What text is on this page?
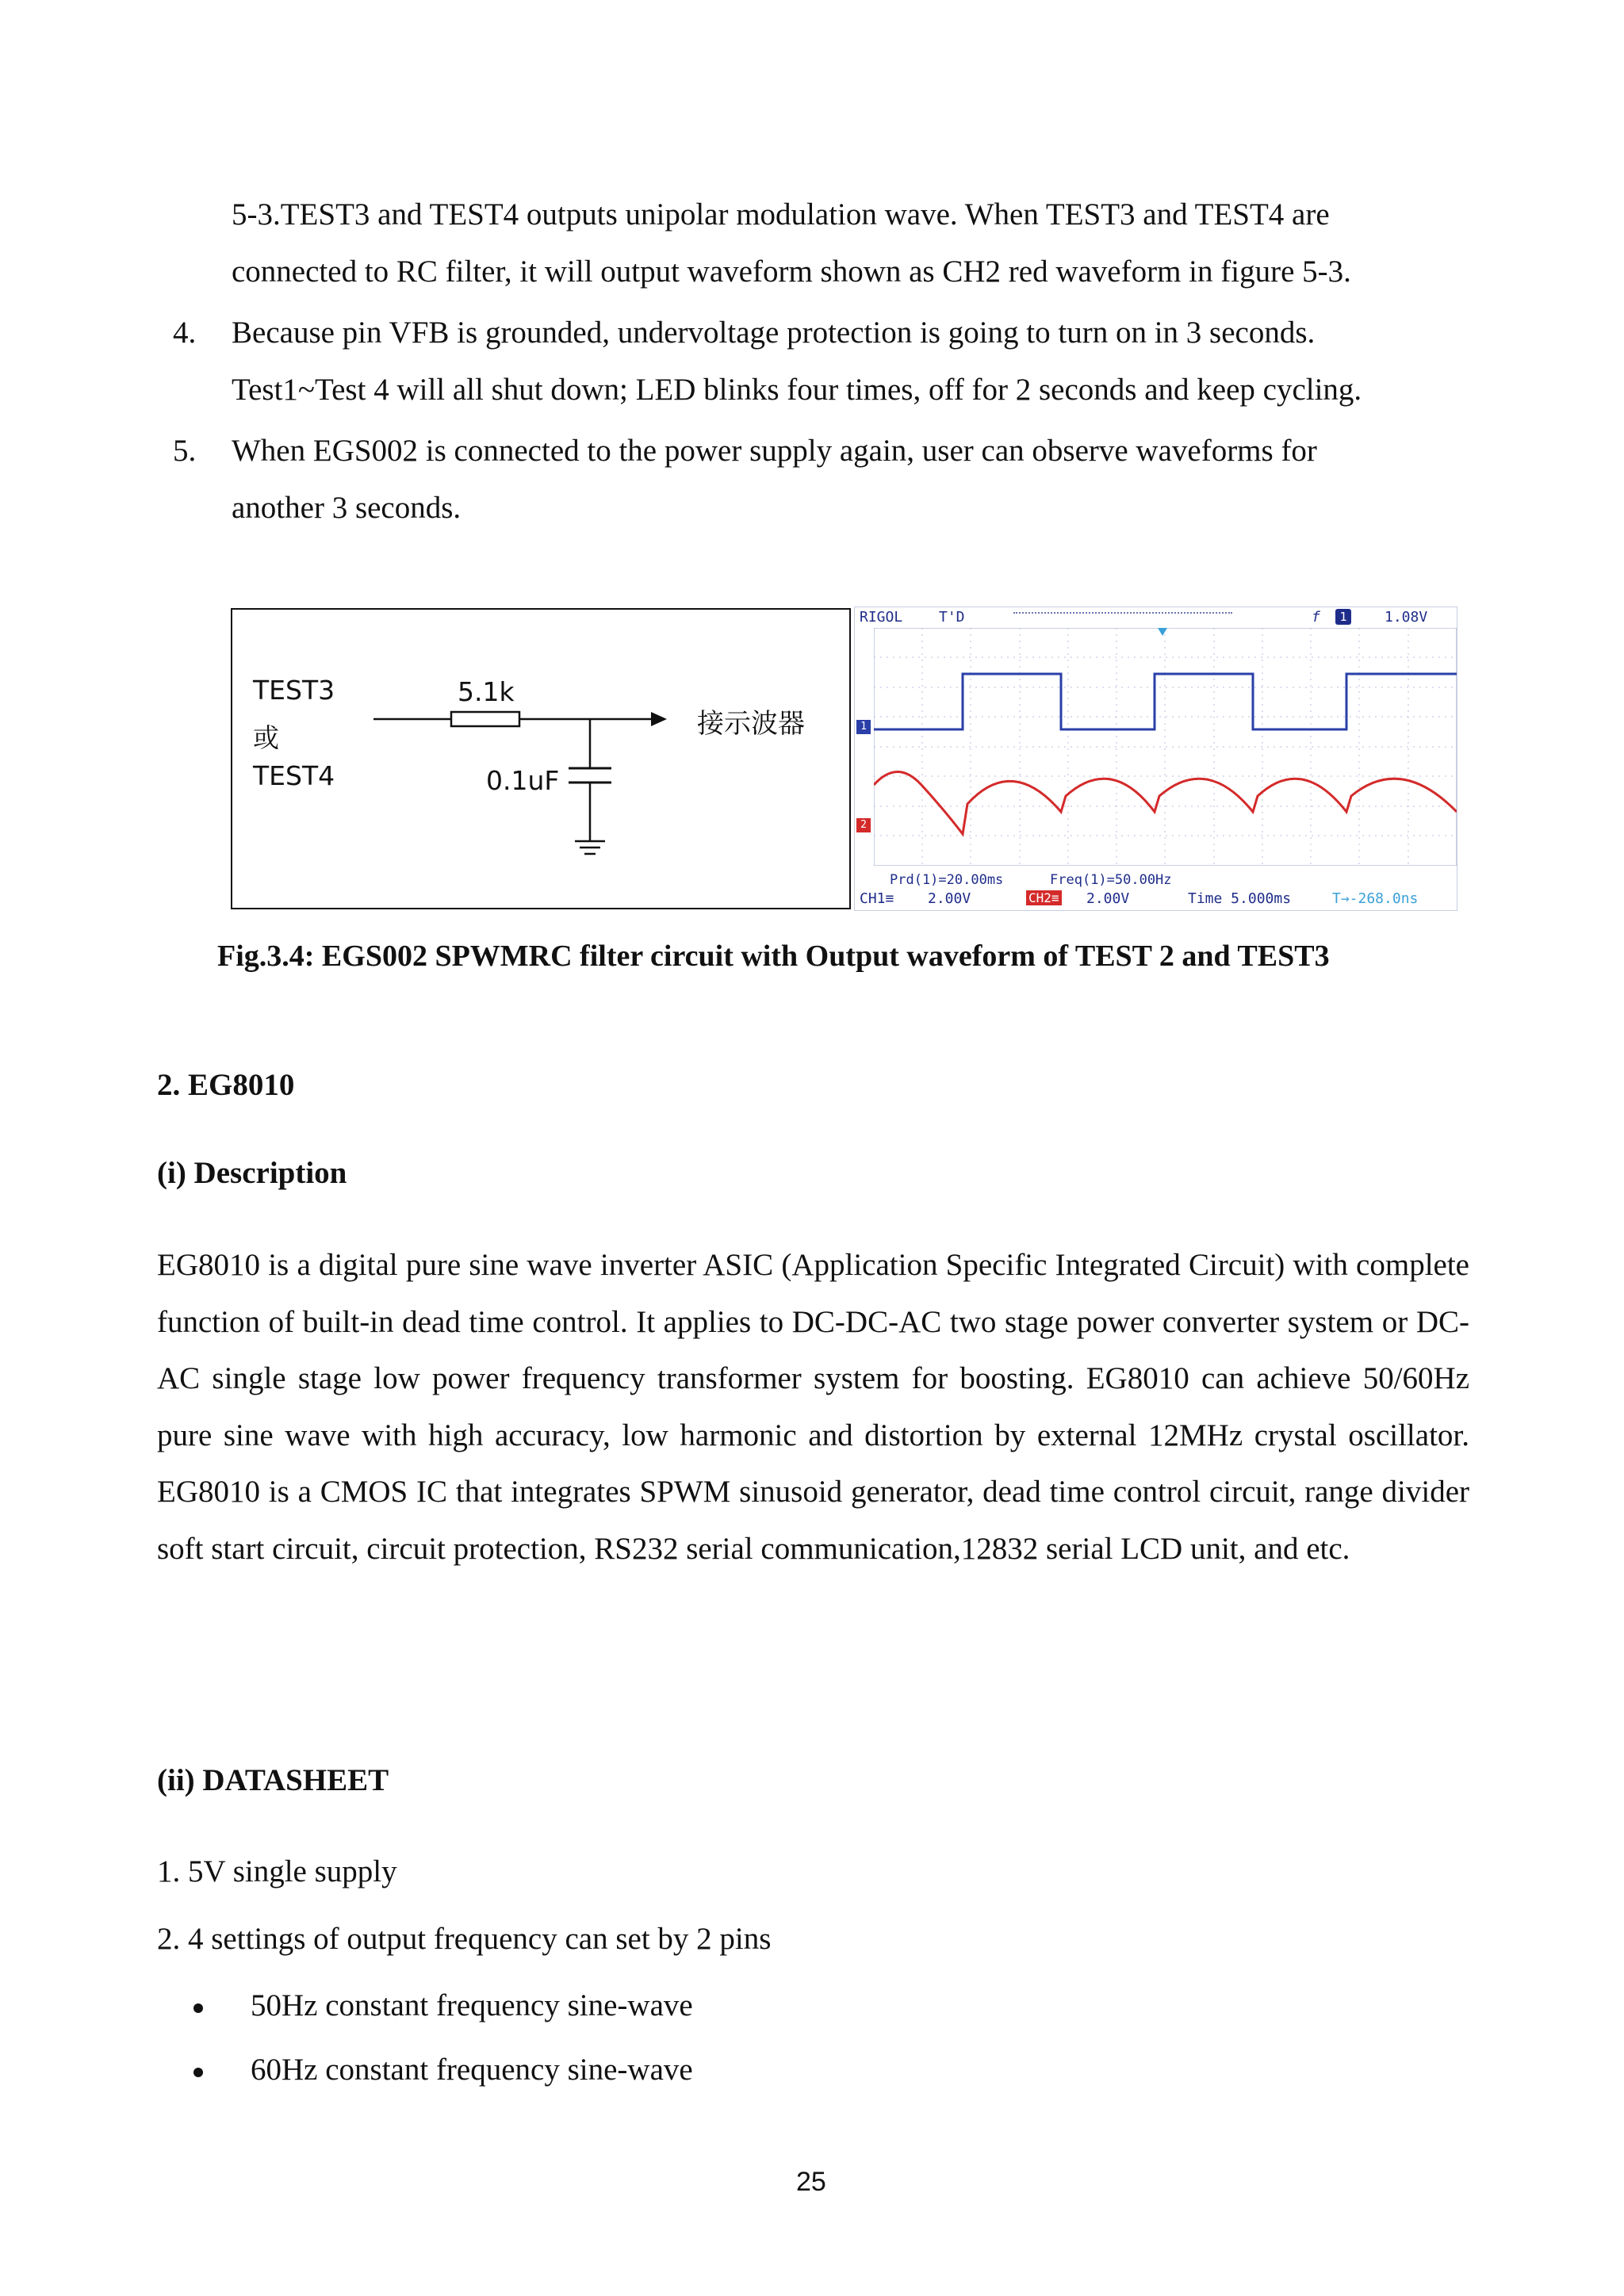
5-3.TEST3 and TEST4 outputs unipolar modulation wave. When TEST3 and TEST4 are
connected to RC filter, it will output waveform shown as CH2 red waveform in figure 5-3.
4. Because pin VFB is grounded, undervoltage protection is going to turn on in 3 seconds.
Test1~Test 4 will all shut down; LED blinks four times, off for 2 seconds and keep cycling.
5. When EGS002 is connected to the power supply again, user can observe waveforms for
another 3 seconds.
TEST3
或
TEST4
5.1k
0.1uF
接示波器
RIGOL	T'D	f	1	1.08V
1
2
Prd(1)=20.00ms	Freq(1)=50.00Hz
CH1≡ 2.00V	CH2≡ 2.00V	Time 5.000ms	T→-268.0ns
Fig.3.4: EGS002 SPWMRC filter circuit with Output waveform of TEST 2 and TEST3
2. EG8010
(i) Description
EG8010 is a digital pure sine wave inverter ASIC (Application Specific Integrated Circuit) with complete function of built-in dead time control. It applies to DC-DC-AC two stage power converter system or DC-AC single stage low power frequency transformer system for boosting. EG8010 can achieve 50/60Hz pure sine wave with high accuracy, low harmonic and distortion by external 12MHz crystal oscillator. EG8010 is a CMOS IC that integrates SPWM sinusoid generator, dead time control circuit, range divider soft start circuit, circuit protection, RS232 serial communication,12832 serial LCD unit, and etc.
(ii) DATASHEET
1. 5V single supply
2. 4 settings of output frequency can set by 2 pins
50Hz constant frequency sine-wave
60Hz constant frequency sine-wave
25
